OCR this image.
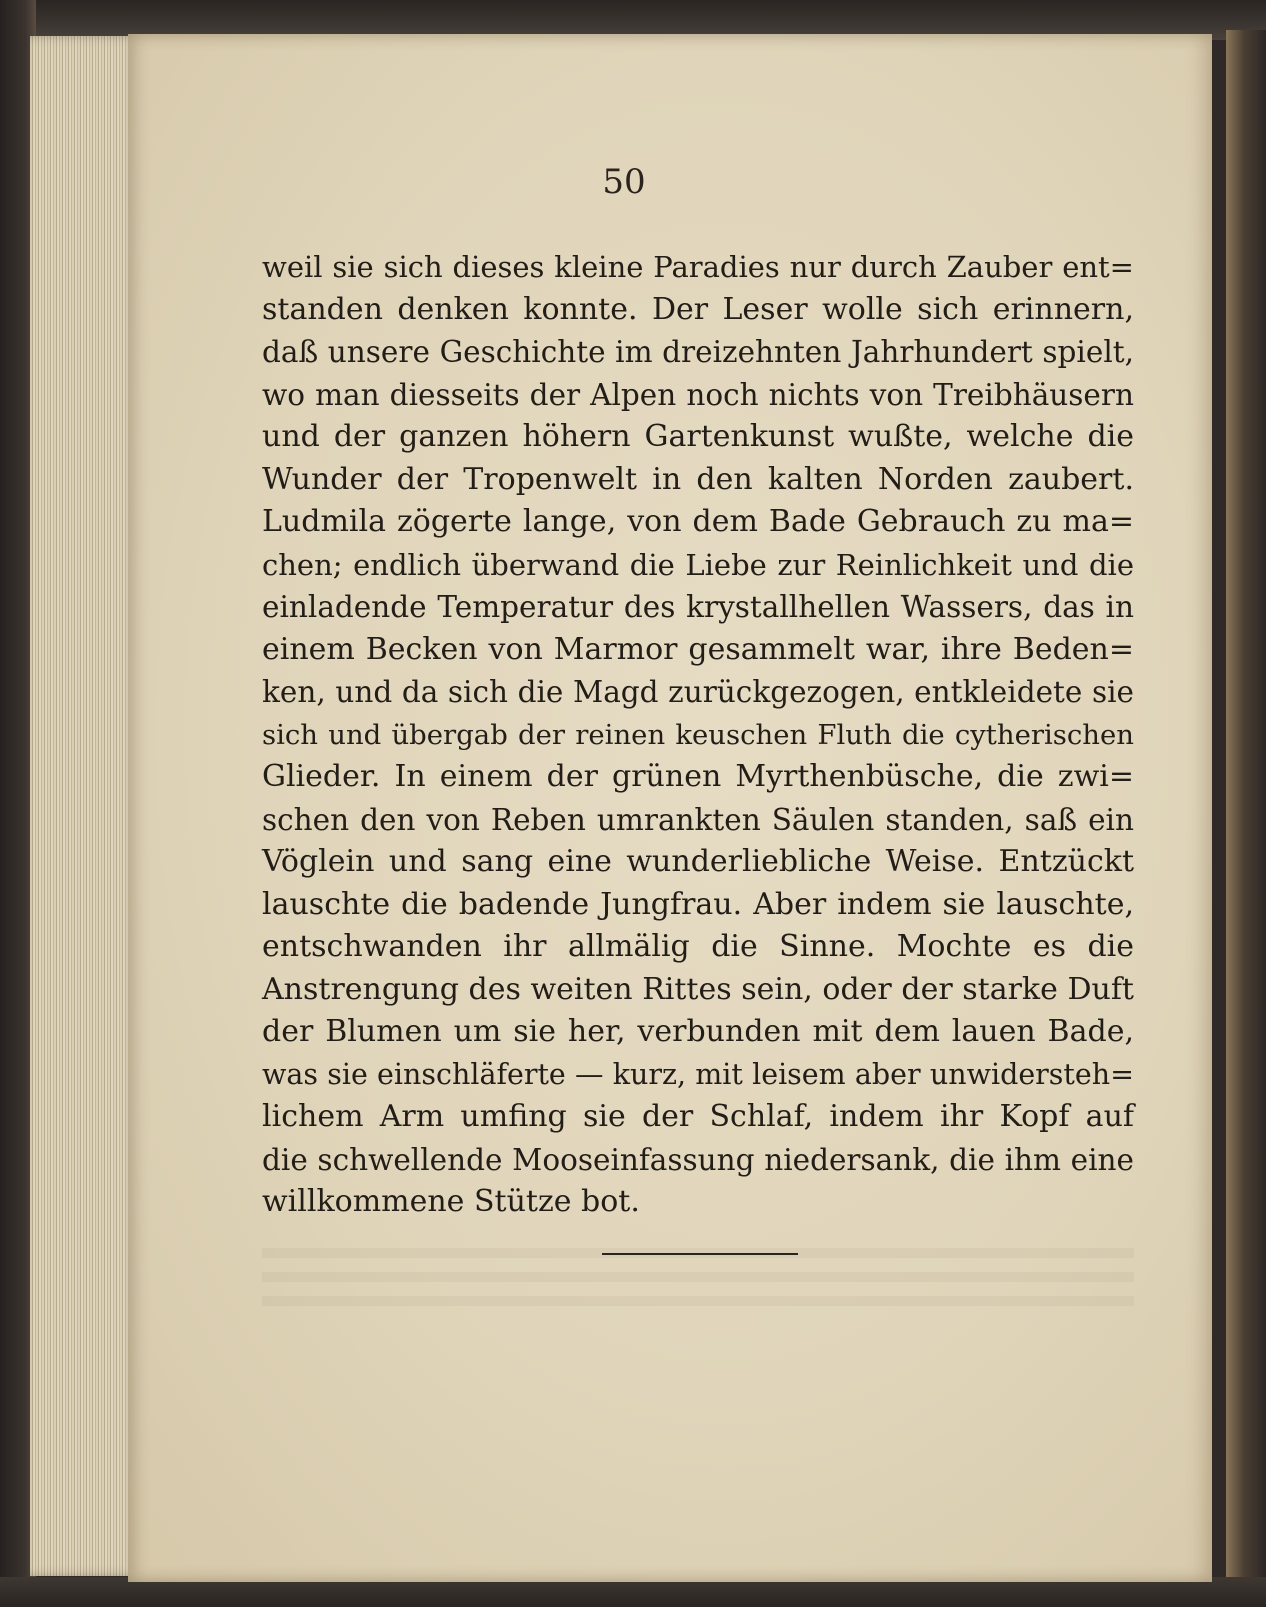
50
weil sie sich dieses kleine Paradies nur durch Zauber ent=
standen denken konnte. Der Leser wolle sich erinnern,
daß unsere Geschichte im dreizehnten Jahrhundert spielt,
wo man diesseits der Alpen noch nichts von Treibhäusern
und der ganzen höhern Gartenkunst wußte, welche die
Wunder der Tropenwelt in den kalten Norden zaubert.
Ludmila zögerte lange, von dem Bade Gebrauch zu ma=
chen; endlich überwand die Liebe zur Reinlichkeit und die
einladende Temperatur des krystallhellen Wassers, das in
einem Becken von Marmor gesammelt war, ihre Beden=
ken, und da sich die Magd zurückgezogen, entkleidete sie
sich und übergab der reinen keuschen Fluth die cytherischen
Glieder. In einem der grünen Myrthenbüsche, die zwi=
schen den von Reben umrankten Säulen standen, saß ein
Vöglein und sang eine wunderliebliche Weise. Entzückt
lauschte die badende Jungfrau. Aber indem sie lauschte,
entschwanden ihr allmälig die Sinne. Mochte es die
Anstrengung des weiten Rittes sein, oder der starke Duft
der Blumen um sie her, verbunden mit dem lauen Bade,
was sie einschläferte — kurz, mit leisem aber unwidersteh=
lichem Arm umfing sie der Schlaf, indem ihr Kopf auf
die schwellende Mooseinfassung niedersank, die ihm eine
willkommene Stütze bot.
